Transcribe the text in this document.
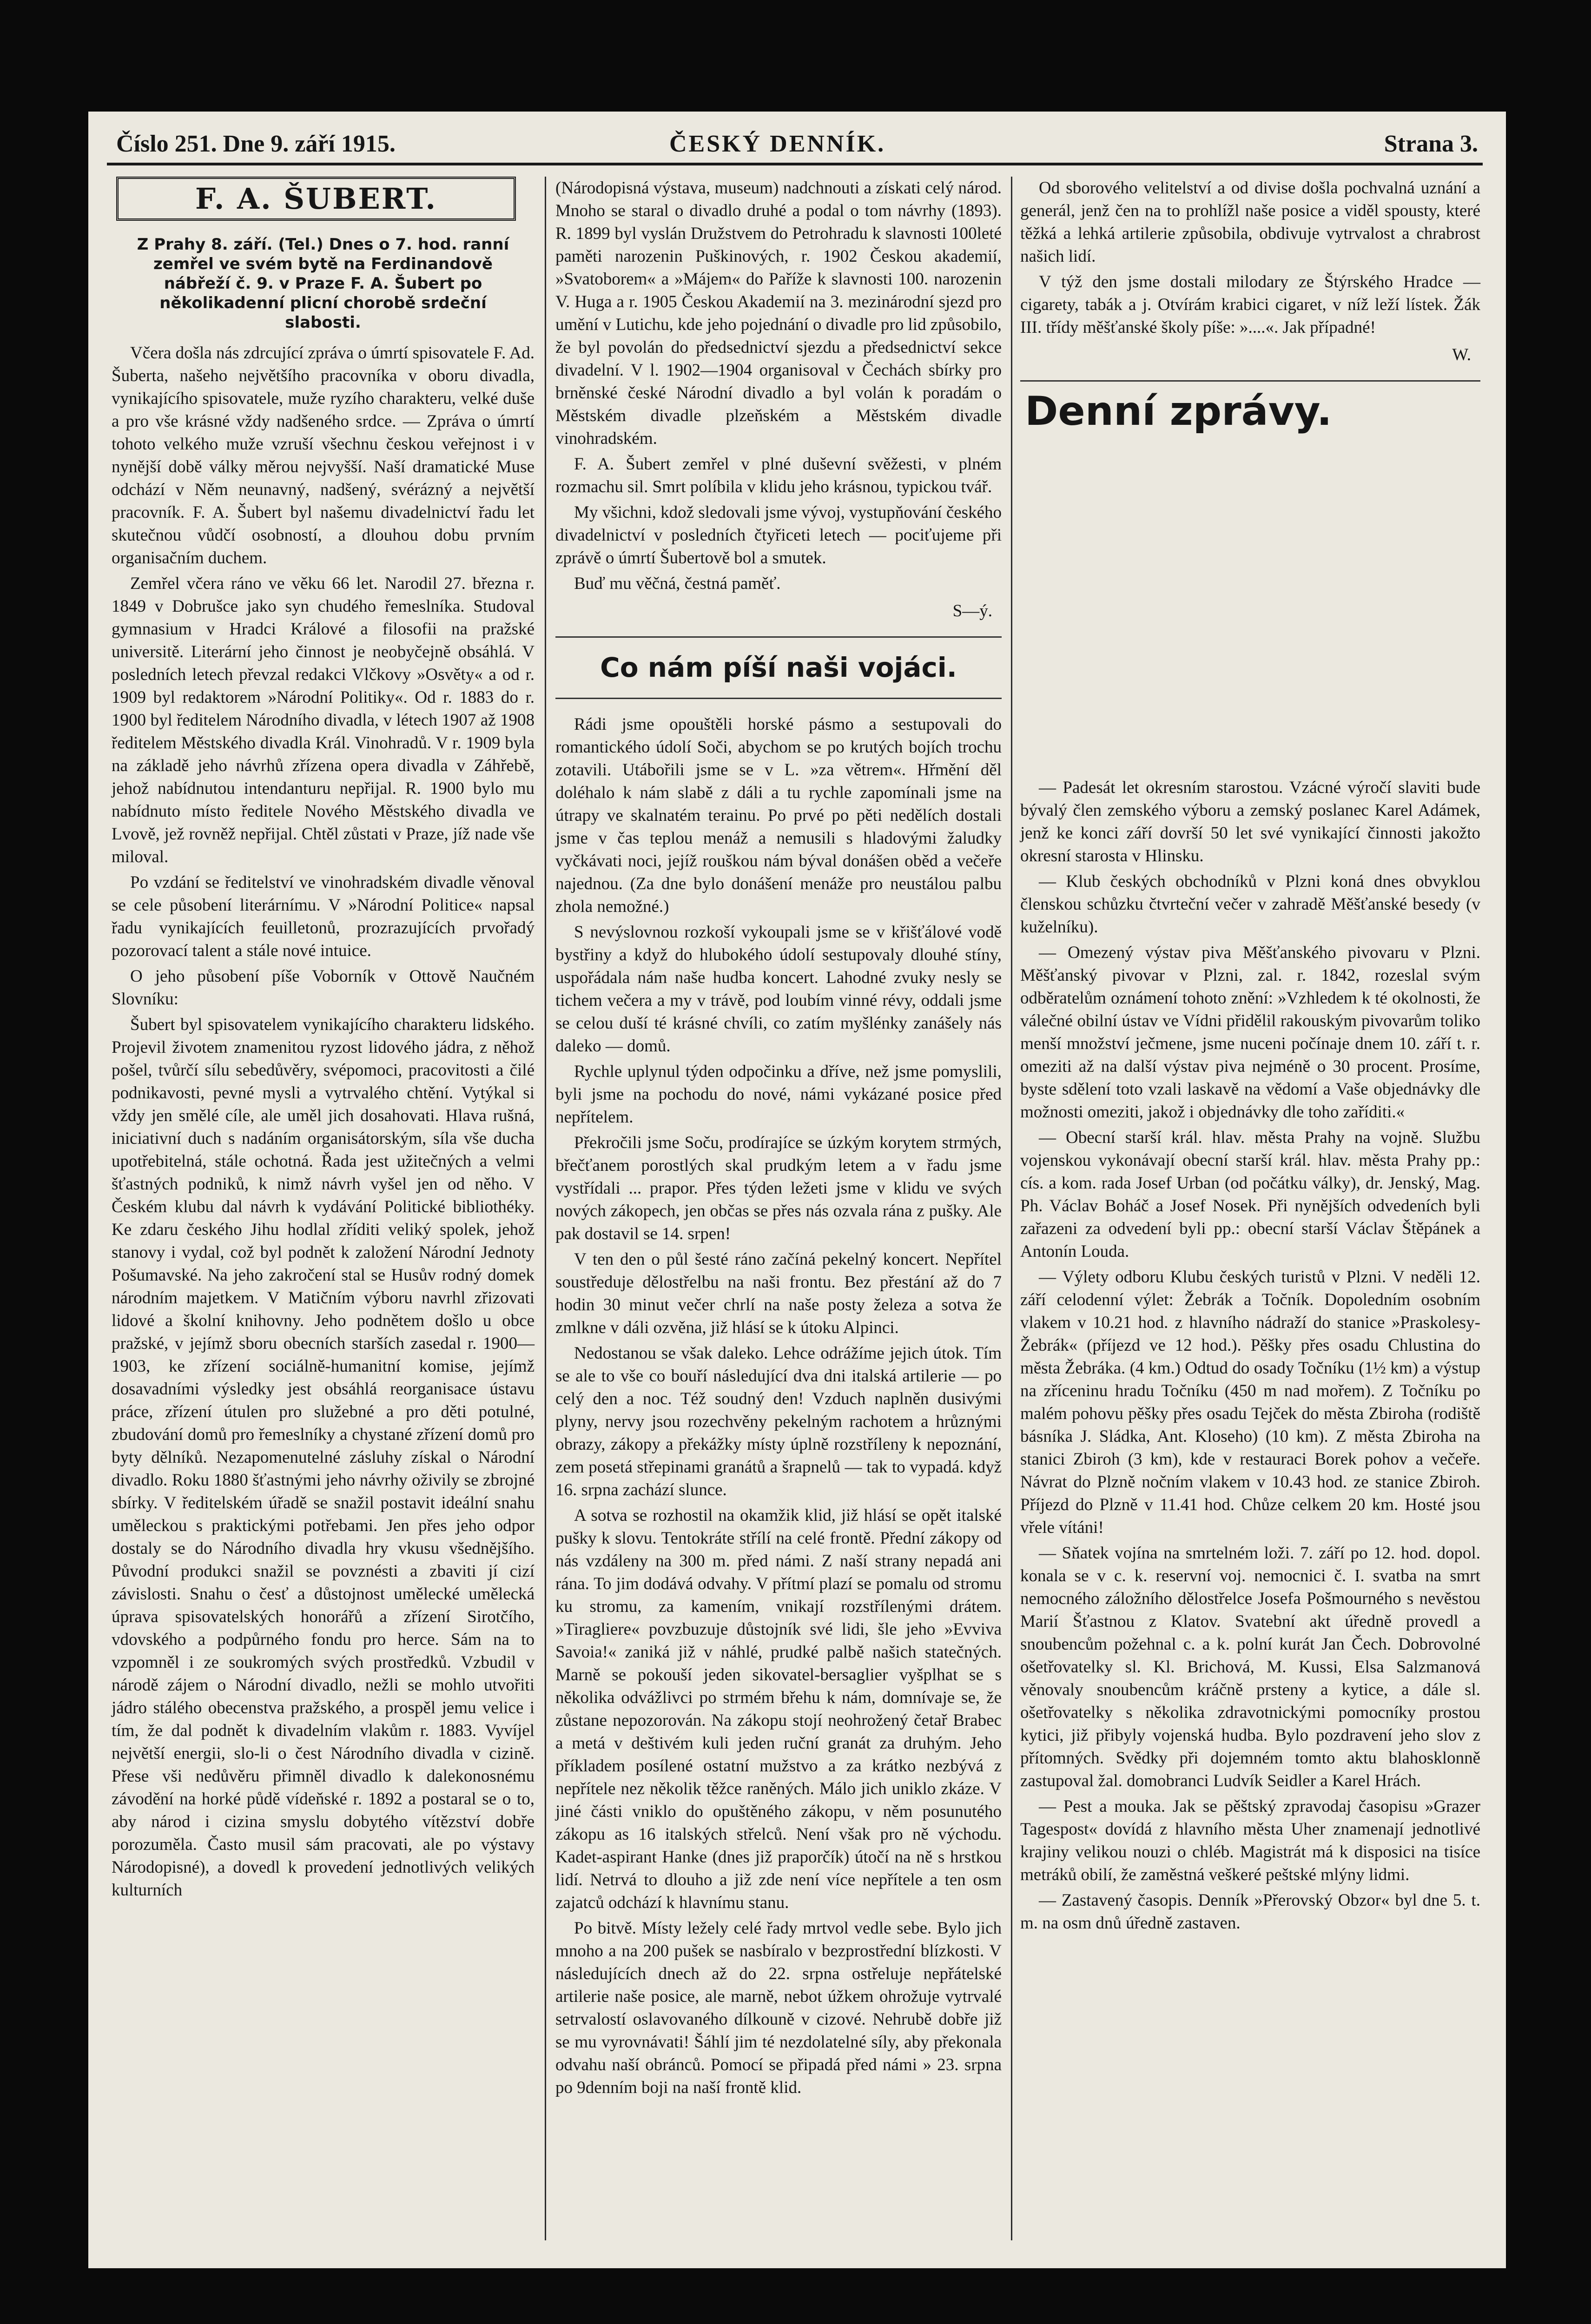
Číslo 251. Dne 9. září 1915.	ČESKÝ DENNÍK.	Strana 3.
F. A. ŠUBERT.
Z Prahy 8. září. (Tel.) Dnes o 7. hod. ranní zemřel ve svém bytě na Ferdinandově nábřeží č. 9. v Praze F. A. Šubert po několikadenní plicní chorobě srdeční slabosti.

Včera došla nás zdrcující zpráva o úmrtí spisovatele F. Ad. Šuberta, našeho největšího pracovníka v oboru divadla, vynikajícího spisovatele, muže ryzího charakteru, velké duše a pro vše krásné vždy nadšeného srdce. — Zpráva o úmrtí tohoto velkého muže vzruší všechnu českou veřejnost i v nynější době války měrou nejvyšší. Naší dramatické Muse odchází v Něm neunavný, nadšený, svérázný a největší pracovník. F. A. Šubert byl našemu divadelnictví řadu let skutečnou vůdčí osobností, a dlouhou dobu prvním organisačním duchem.

Zemřel včera ráno ve věku 66 let. Narodil 27. března r. 1849 v Dobrušce jako syn chudého řemeslníka. Studoval gymnasium v Hradci Králové a filosofii na pražské universitě. Literární jeho činnost je neobyčejně obsáhlá. V posledních letech převzal redakci Vlčkovy »Osvěty« a od r. 1909 byl redaktorem »Národní Politiky«. Od r. 1883 do r. 1900 byl ředitelem Národního divadla, v létech 1907 až 1908 ředitelem Městského divadla Král. Vinohradů. V r. 1909 byla na základě jeho návrhů zřízena opera divadla v Záhřebě, jehož nabídnutou intendanturu nepřijal. R. 1900 bylo mu nabídnuto místo ředitele Nového Městského divadla ve Lvově, jež rovněž nepřijal. Chtěl zůstati v Praze, jíž nade vše miloval.

Po vzdání se ředitelství ve vinohradském divadle věnoval se cele působení literárnímu. V »Národní Politice« napsal řadu vynikajících feuilletonů, prozrazujících prvořadý pozorovací talent a stále nové intuice.

O jeho působení píše Voborník v Ottově Naučném Slovníku:

Šubert byl spisovatelem vynikajícího charakteru lidského. Projevil životem znamenitou ryzost lidového jádra, z něhož pošel, tvůrčí sílu sebedůvěry, svépomoci, pracovitosti a čilé podnikavosti, pevné mysli a vytrvalého chtění. Vytýkal si vždy jen smělé cíle, ale uměl jich dosahovati. Hlava rušná, iniciativní duch s nadáním organisátorským, síla vše ducha upotřebitelná, stále ochotná. Řada jest užitečných a velmi šťastných podniků, k nimž návrh vyšel jen od něho. V Českém klubu dal návrh k vydávání Politické bibliothéky. Ke zdaru českého Jihu hodlal zříditi veliký spolek, jehož stanovy i vydal, což byl podnět k založení Národní Jednoty Pošumavské. Na jeho zakročení stal se Husův rodný domek národním majetkem. V Matičním výboru navrhl zřizovati lidové a školní knihovny. Jeho podnětem došlo u obce pražské, v jejímž sboru obecních starších zasedal r. 1900—1903, ke zřízení sociálně-humanitní komise, jejímž dosavadními výsledky jest obsáhlá reorganisace ústavu práce, zřízení útulen pro služebné a pro děti potulné, zbudování domů pro řemeslníky a chystané zřízení domů pro byty dělníků. Nezapomenutelné zásluhy získal o Národní divadlo. Roku 1880 šťastnými jeho návrhy oživily se zbrojné sbírky. V ředitelském úřadě se snažil postavit ideální snahu uměleckou s praktickými potřebami. Jen přes jeho odpor dostaly se do Národního divadla hry vkusu všednějšího. Původní produkci snažil se povznésti a zbaviti jí cizí závislosti. Snahu o česť a důstojnost umělecké umělecká úprava spisovatelských honorářů a zřízení Sirotčího, vdovského a podpůrného fondu pro herce. Sám na to vzpomněl i ze soukromých svých prostředků. Vzbudil v národě zájem o Národní divadlo, nežli se mohlo utvořiti jádro stálého obecenstva pražského, a prospěl jemu velice i tím, že dal podnět k divadelním vlakům r. 1883. Vyvíjel největší energii, slo-li o čest Národního divadla v cizině. Přese vši nedůvěru přimněl divadlo k dalekonosnému závodění na horké půdě vídeňské r. 1892 a postaral se o to, aby národ i cizina smyslu dobytého vítězství dobře porozuměla. Často musil sám pracovati, ale po výstavy Národopisné), a dovedl k provedení jednotlivých velikých kulturních

(Národopisná výstava, museum) nadchnouti a získati celý národ. Mnoho se staral o divadlo druhé a podal o tom návrhy (1893). R. 1899 byl vyslán Družstvem do Petrohradu k slavnosti 100leté paměti narozenin Puškinových, r. 1902 Českou akademií, »Svatoborem« a »Májem« do Paříže k slavnosti 100. narozenin V. Huga a r. 1905 Českou Akademií na 3. mezinárodní sjezd pro umění v Lutichu, kde jeho pojednání o divadle pro lid způsobilo, že byl povolán do předsednictví sjezdu a předsednictví sekce divadelní. V l. 1902—1904 organisoval v Čechách sbírky pro brněnské české Národní divadlo a byl volán k poradám o Městském divadle plzeňském a Městském divadle vinohradském.

F. A. Šubert zemřel v plné duševní svěžesti, v plném rozmachu sil. Smrt políbila v klidu jeho krásnou, typickou tvář.

My všichni, kdož sledovali jsme vývoj, vystupňování českého divadelnictví v posledních čtyřiceti letech — pociťujeme při zprávě o úmrtí Šubertově bol a smutek.

Buď mu věčná, čestná paměť.

S—ý.
Co nám píší naši vojáci.

Rádi jsme opouštěli horské pásmo a sestupovali do romantického údolí Soči, abychom se po krutých bojích trochu zotavili. Utábořili jsme se v L. »za větrem«. Hřmění děl doléhalo k nám slabě z dáli a tu rychle zapomínali jsme na útrapy ve skalnatém terainu. Po prvé po pěti nedělích dostali jsme v čas teplou menáž a nemusili s hladovými žaludky vyčkávati noci, jejíž rouškou nám býval donášen oběd a večeře najednou. (Za dne bylo donášení menáže pro neustálou palbu zhola nemožné.)

S nevýslovnou rozkoší vykoupali jsme se v křišťálové vodě bystřiny a když do hlubokého údolí sestupovaly dlouhé stíny, uspořádala nám naše hudba koncert. Lahodné zvuky nesly se tichem večera a my v trávě, pod loubím vinné révy, oddali jsme se celou duší té krásné chvíli, co zatím myšlénky zanášely nás daleko — domů.

Rychle uplynul týden odpočinku a dříve, než jsme pomyslili, byli jsme na pochodu do nové, námi vykázané posice před nepřítelem.

Překročili jsme Soču, prodírajíce se úzkým korytem strmých, břečťanem porostlých skal prudkým letem a v řadu jsme vystřídali ... prapor. Přes týden ležeti jsme v klidu ve svých nových zákopech, jen občas se přes nás ozvala rána z pušky. Ale pak dostavil se 14. srpen!

V ten den o půl šesté ráno začíná pekelný koncert. Nepřítel soustředuje dělostřelbu na naši frontu. Bez přestání až do 7 hodin 30 minut večer chrlí na naše posty železa a sotva že zmlkne v dáli ozvěna, již hlásí se k útoku Alpinci.

Nedostanou se však daleko. Lehce odrážíme jejich útok. Tím se ale to vše co bouří následující dva dni italská artilerie — po celý den a noc. Též soudný den! Vzduch naplněn dusivými plyny, nervy jsou rozechvěny pekelným rachotem a hrůznými obrazy, zákopy a překážky místy úplně rozstříleny k nepoznání, zem posetá střepinami granátů a šrapnelů — tak to vypadá. když 16. srpna zachází slunce.

A sotva se rozhostil na okamžik klid, již hlásí se opět italské pušky k slovu. Tentokráte střílí na celé frontě. Přední zákopy od nás vzdáleny na 300 m. před námi. Z naší strany nepadá ani rána. To jim dodává odvahy. V přítmí plazí se pomalu od stromu ku stromu, za kamením, vnikají rozstřílenými drátem. »Tiragliere« povzbuzuje důstojník své lidi, šle jeho »Evviva Savoia!« zaniká již v náhlé, prudké palbě našich statečných. Marně se pokouší jeden sikovatel-bersaglier vyšplhat se s několika odvážlivci po strmém břehu k nám, domnívaje se, že zůstane nepozorován. Na zákopu stojí neohrožený četař Brabec a metá v deštivém kuli jeden ruční granát za druhým. Jeho příkladem posílené ostatní mužstvo a za krátko nezbývá z nepřítele nez několik těžce raněných. Málo jich uniklo zkáze. V jiné části vniklo do opuštěného zákopu, v něm posunutého zákopu as 16 italských střelců. Není však pro ně východu. Kadet-aspirant Hanke (dnes již praporčík) útočí na ně s hrstkou lidí. Netrvá to dlouho a již zde není více nepřítele a ten osm zajatců odchází k hlavnímu stanu.

Po bitvě. Místy ležely celé řady mrtvol vedle sebe. Bylo jich mnoho a na 200 pušek se nasbíralo v bezprostřední blízkosti. V následujících dnech až do 22. srpna ostřeluje nepřátelské artilerie naše posice, ale marně, nebot úžkem ohrožuje vytrvalé setrvalostí oslavovaného dílkouně v cizové. Nehrubě dobře již se mu vyrovnávati! Šáhlí jim té nezdolatelné síly, aby překonala odvahu naší obránců. Pomocí se připadá před námi » 23. srpna po 9denním boji na naší frontě klid.

Od sborového velitelství a od divise došla pochvalná uznání a generál, jenž čen na to prohlížl naše posice a viděl spousty, které těžká a lehká artilerie způsobila, obdivuje vytrvalost a chrabrost našich lidí.

V týž den jsme dostali milodary ze Štýrského Hradce — cigarety, tabák a j. Otvírám krabici cigaret, v níž leží lístek. Žák III. třídy měšťanské školy píše: »....«. Jak případné!

W.
Denní zprávy.

— Padesát let okresním starostou. Vzácné výročí slaviti bude bývalý člen zemského výboru a zemský poslanec Karel Adámek, jenž ke konci září dovrší 50 let své vynikající činnosti jakožto okresní starosta v Hlinsku.

— Klub českých obchodníků v Plzni koná dnes obvyklou členskou schůzku čtvrteční večer v zahradě Měšťanské besedy (v kuželníku).

— Omezený výstav piva Měšťanského pivovaru v Plzni. Měšťanský pivovar v Plzni, zal. r. 1842, rozeslal svým odběratelům oznámení tohoto znění: »Vzhledem k té okolnosti, že válečné obilní ústav ve Vídni přidělil rakouským pivovarům toliko menší množství ječmene, jsme nuceni počínaje dnem 10. září t. r. omeziti až na další výstav piva nejméně o 30 procent. Prosíme, byste sdělení toto vzali laskavě na vědomí a Vaše objednávky dle možnosti omeziti, jakož i objednávky dle toho zaříditi.«

— Obecní starší král. hlav. města Prahy na vojně. Službu vojenskou vykonávají obecní starší král. hlav. města Prahy pp.: cís. a kom. rada Josef Urban (od počátku války), dr. Jenský, Mag. Ph. Václav Boháč a Josef Nosek. Při nynějších odvedeních byli zařazeni za odvedení byli pp.: obecní starší Václav Štěpánek a Antonín Louda.

— Výlety odboru Klubu českých turistů v Plzni. V neděli 12. září celodenní výlet: Žebrák a Točník. Dopoledním osobním vlakem v 10.21 hod. z hlavního nádraží do stanice »Praskolesy-Žebrák« (příjezd ve 12 hod.). Pěšky přes osadu Chlustina do města Žebráka. (4 km.) Odtud do osady Točníku (1½ km) a výstup na zříceninu hradu Točníku (450 m nad mořem). Z Točníku po malém pohovu pěšky přes osadu Tejček do města Zbiroha (rodiště básníka J. Sládka, Ant. Kloseho) (10 km). Z města Zbiroha na stanici Zbiroh (3 km), kde v restauraci Borek pohov a večeře. Návrat do Plzně nočním vlakem v 10.43 hod. ze stanice Zbiroh. Příjezd do Plzně v 11.41 hod. Chůze celkem 20 km. Hosté jsou vřele vítáni!

— Sňatek vojína na smrtelném loži. 7. září po 12. hod. dopol. konala se v c. k. reservní voj. nemocnici č. I. svatba na smrt nemocného záložního dělostřelce Josefa Pošmourného s nevěstou Marií Šťastnou z Klatov. Svatební akt úředně provedl a snoubencům požehnal c. a k. polní kurát Jan Čech. Dobrovolné ošetřovatelky sl. Kl. Brichová, M. Kussi, Elsa Salzmanová věnovaly snoubencům kráčně prsteny a kytice, a dále sl. ošetřovatelky s několika zdravotnickými pomocníky prostou kytici, již přibyly vojenská hudba. Bylo pozdravení jeho slov z přítomných. Svědky při dojemném tomto aktu blahosklonně zastupoval žal. domobranci Ludvík Seidler a Karel Hrách.

— Pest a mouka. Jak se pěštský zpravodaj časopisu »Grazer Tagespost« dovídá z hlavního města Uher znamenají jednotlivé krajiny velikou nouzi o chléb. Magistrát má k disposici na tisíce metráků obilí, že zaměstná veškeré peštské mlýny lidmi.

— Zastavený časopis. Denník »Přerovský Obzor« byl dne 5. t. m. na osm dnů úředně zastaven.
